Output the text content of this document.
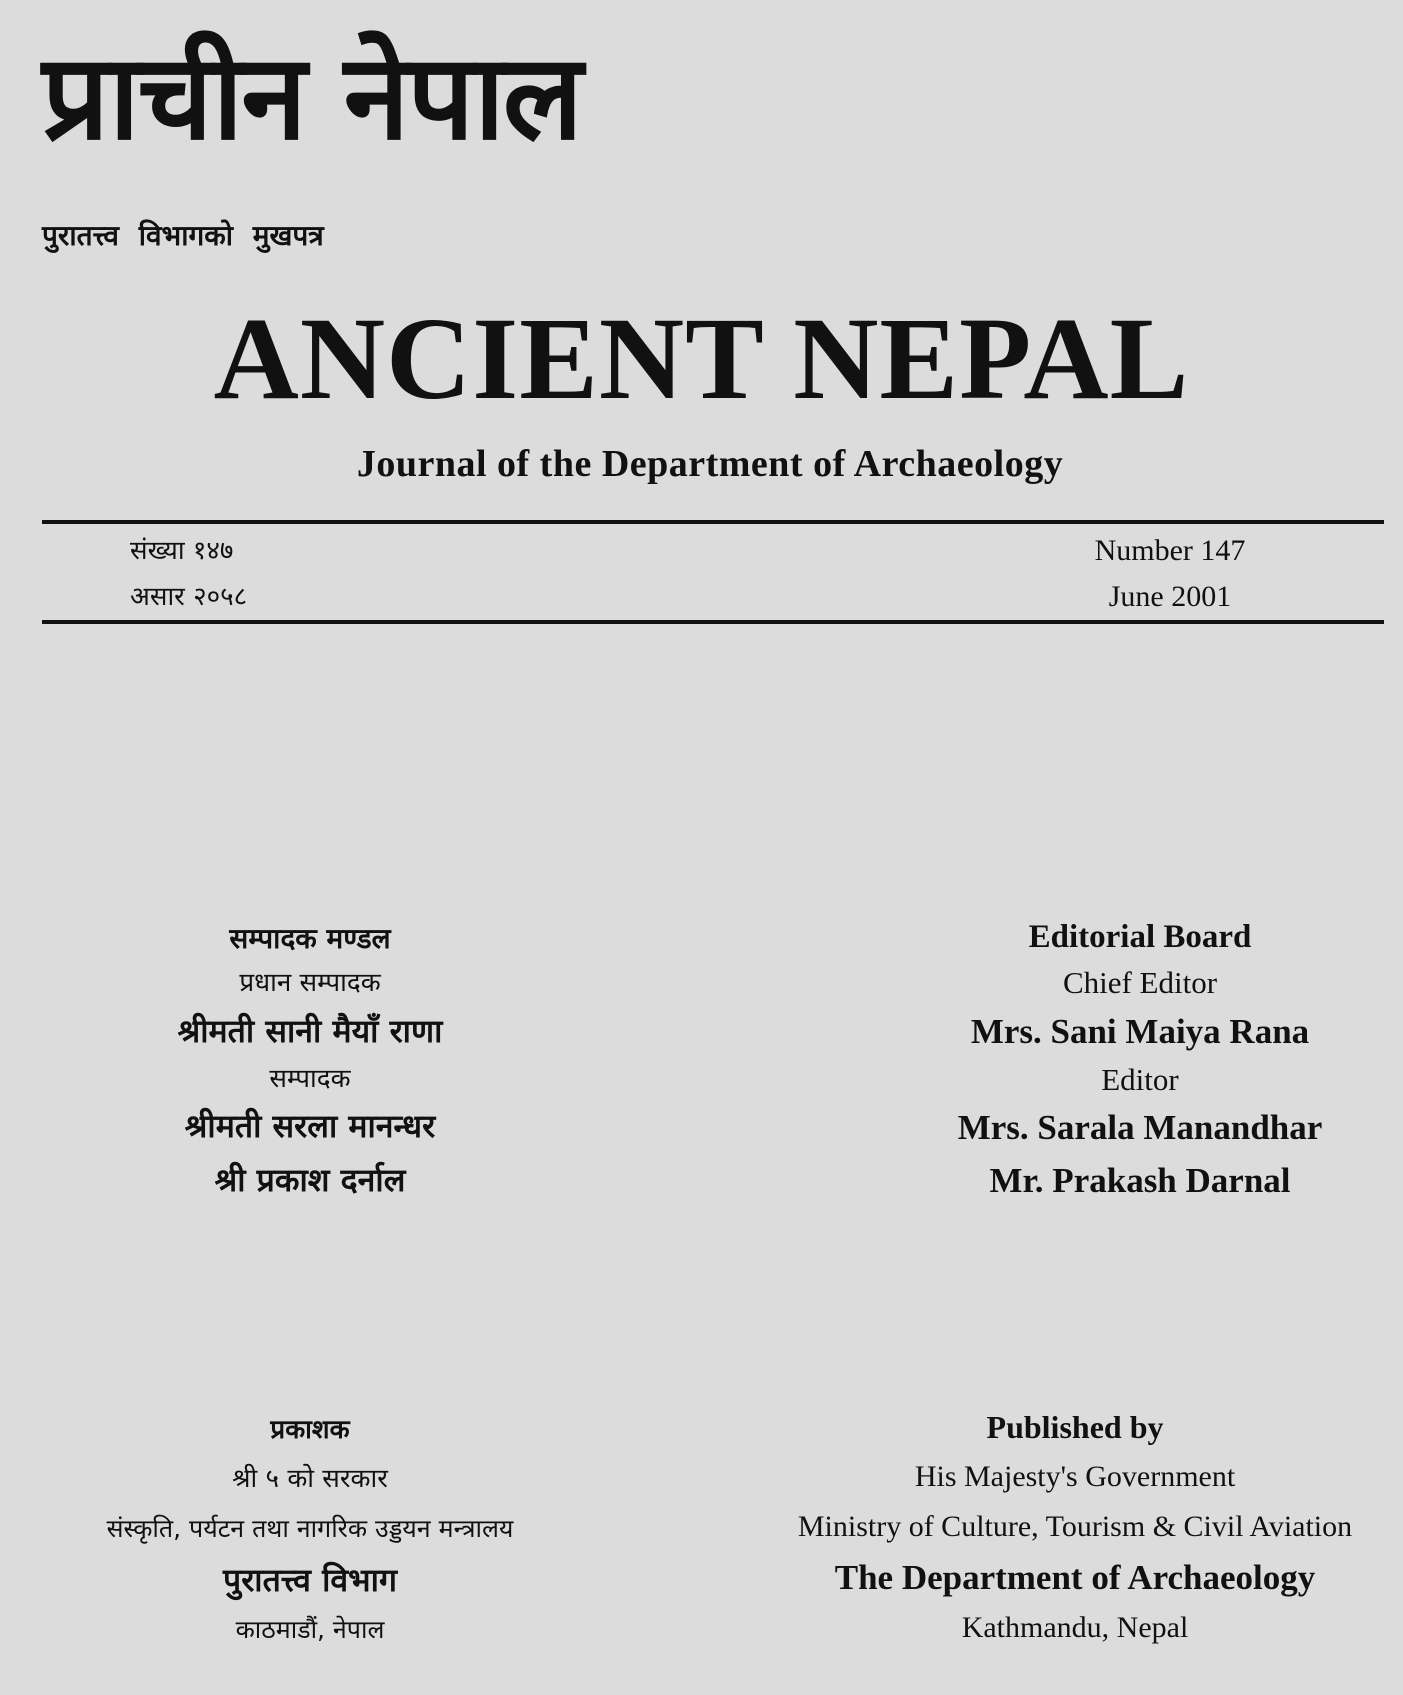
प्राचीन नेपाल
पुरातत्त्व विभागको मुखपत्र
ANCIENT NEPAL
Journal of the Department of Archaeology
संख्या १४७
असार २०५८
Number 147
June 2001
सम्पादक मण्डल
प्रधान सम्पादक
श्रीमती सानी मैयाँ राणा
सम्पादक
श्रीमती सरला मानन्धर
श्री प्रकाश दर्नाल
Editorial Board
Chief Editor
Mrs. Sani Maiya Rana
Editor
Mrs. Sarala Manandhar
Mr. Prakash Darnal
प्रकाशक
श्री ५ को सरकार
संस्कृति, पर्यटन तथा नागरिक उड्डयन मन्त्रालय
पुरातत्त्व विभाग
काठमाडौं, नेपाल
Published by
His Majesty's Government
Ministry of Culture, Tourism & Civil Aviation
The Department of Archaeology
Kathmandu, Nepal
